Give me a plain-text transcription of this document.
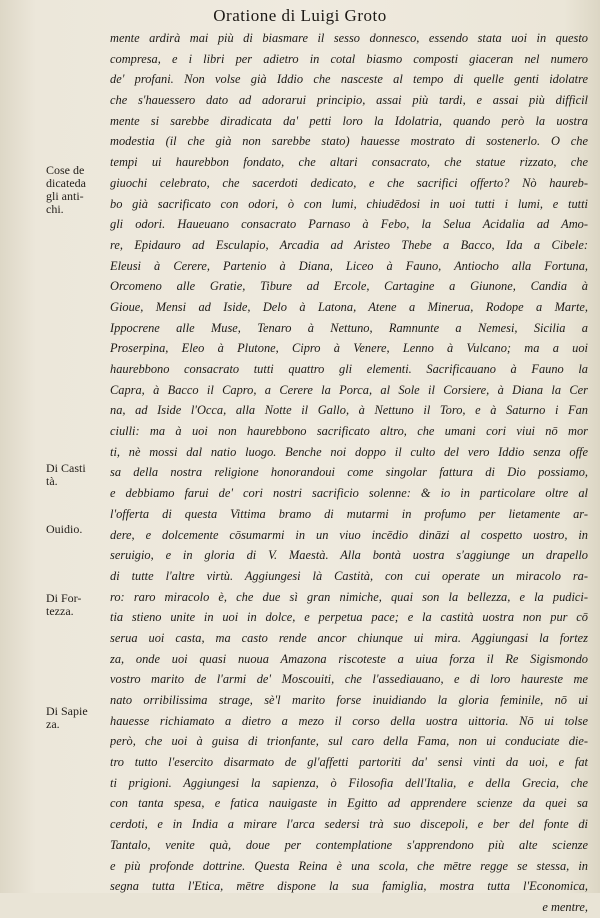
Oratione di Luigi Groto
Cose de
dicateda
gli anti-
chi.
Di Casti
tà.
Ouidio.
Di For-
tezza.
Di Sapie
za.
mente ardirà mai più di biasmare il sesso donnesco, essendo stata uoi in questo
compresa, e i libri per adietro in cotal biasmo composti giaceran nel numero
de' profani. Non volse già Iddio che nasceste al tempo di quelle genti idolatre
che s'hauessero dato ad adorarui principio, assai più tardi, e assai più difficil
mente si sarebbe diradicata da' petti loro la Idolatria, quando però la uostra
modestia (il che già non sarebbe stato) hauesse mostrato di sostenerlo. O che
tempi ui haurebbon fondato, che altari consacrato, che statue rizzato, che
giuochi celebrato, che sacerdoti dedicato, e che sacrifici offerto? Nò haureb-
bo già sacrificato con odori, ò con lumi, chiudēdosi in uoi tutti i lumi, e tutti
gli odori. Haueuano consacrato Parnaso à Febo, la Selua Acidalia ad Amo-
re, Epidauro ad Esculapio, Arcadia ad Aristeo Thebe a Bacco, Ida a Cibele:
Eleusi à Cerere, Partenio à Diana, Liceo à Fauno, Antiocho alla Fortuna,
Orcomeno alle Gratie, Tibure ad Ercole, Cartagine a Giunone, Candia à
Gioue, Mensi ad Iside, Delo à Latona, Atene a Minerua, Rodope a Marte,
Ippocrene alle Muse, Tenaro à Nettuno, Ramnunte a Nemesi, Sicilia a
Proserpina, Eleo à Plutone, Cipro à Venere, Lenno à Vulcano; ma a uoi
haurebbono consacrato tutti quattro gli elementi. Sacrificauano à Fauno la
Capra, à Bacco il Capro, a Cerere la Porca, al Sole il Corsiere, à Diana la Cer
na, ad Iside l'Occa, alla Notte il Gallo, à Nettuno il Toro, e à Saturno i Fan
ciulli: ma à uoi non haurebbono sacrificato altro, che umani cori viui nō mor
ti, nè mossi dal natio luogo. Benche noi doppo il culto del vero Iddio senza offe
sa della nostra religione honorandoui come singolar fattura di Dio possiamo,
e debbiamo farui de' cori nostri sacrificio solenne: & io in particolare oltre al
l'offerta di questa Vittima bramo di mutarmi in profumo per lietamente ar-
dere, e dolcemente cōsumarmi in un viuo incēdio dināzi al cospetto uostro, in
seruigio, e in gloria di V. Maestà. Alla bontà uostra s'aggiunge un drapello
di tutte l'altre virtù. Aggiungesi là Castità, con cui operate un miracolo ra-
ro: raro miracolo è, che due sì gran nimiche, quai son la bellezza, e la pudici-
tia stieno unite in uoi in dolce, e perpetua pace; e la castità uostra non pur cō
serua uoi casta, ma casto rende ancor chiunque ui mira. Aggiungasi la fortez
za, onde uoi quasi nuoua Amazona riscoteste a uiua forza il Re Sigismondo
vostro marito de l'armi de' Moscouiti, che l'assediauano, e di loro haureste me
nato orribilissima strage, sè'l marito forse inuidiando la gloria feminile, nō ui
hauesse richiamato a dietro a mezo il corso della uostra uittoria. Nō ui tolse
però, che uoi à guisa di trionfante, sul caro della Fama, non ui conduciate die-
tro tutto l'esercito disarmato de gl'affetti partoriti da' sensi vinti da uoi, e fat
ti prigioni. Aggiungesi la sapienza, ò Filosofia dell'Italia, e della Grecia, che
con tanta spesa, e fatica nauigaste in Egitto ad apprendere scienze da quei sa
cerdoti, e in India a mirare l'arca sedersi trà suo discepoli, e ber del fonte di
Tantalo, venite quà, doue per contemplatione s'apprendono più alte scienze
e più profonde dottrine. Questa Reina è una scola, che mētre regge se stessa, in
segna tutta l'Etica, mētre dispone la sua famiglia, mostra tutta l'Economica,
e mentre,
